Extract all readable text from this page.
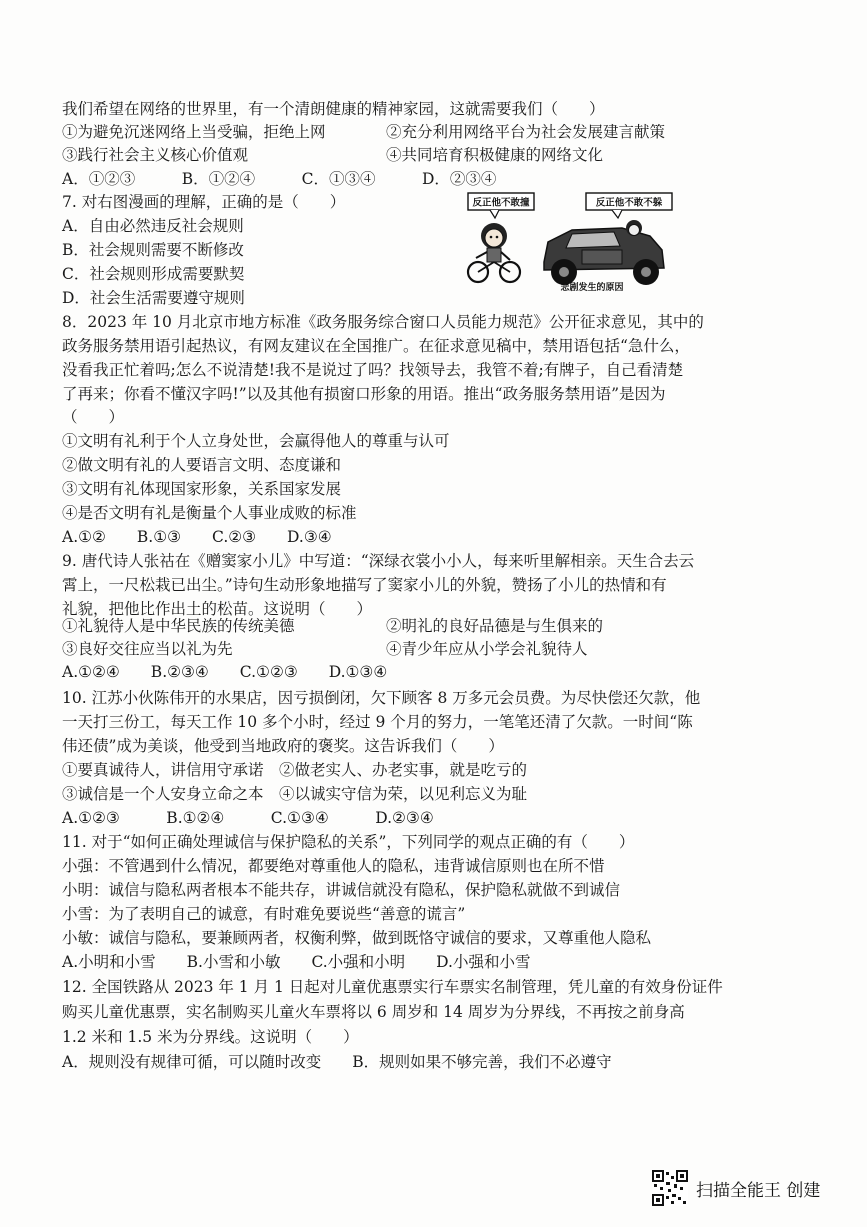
我们希望在网络的世界里，有一个清朗健康的精神家园，这就需要我们（　　）
①为避免沉迷网络上当受骗，拒绝上网	②充分利用网络平台为社会发展建言献策
③践行社会主义核心价值观	④共同培育积极健康的网络文化
A．①②③　　　B．①②④　　　C．①③④　　　D．②③④
7. 对右图漫画的理解，正确的是（　　）
A．自由必然违反社会规则
B．社会规则需要不断修改
C．社会规则形成需要默契
D．社会生活需要遵守规则
反正他不敢撞	反正他不敢不躲
悲剧发生的原因
8．2023 年 10 月北京市地方标准《政务服务综合窗口人员能力规范》公开征求意见，其中的
政务服务禁用语引起热议，有网友建议在全国推广。在征求意见稿中，禁用语包括“急什么，
没看我正忙着吗;怎么不说清楚!我不是说过了吗？找领导去，我管不着;有牌子，自己看清楚
了再来；你看不懂汉字吗!”以及其他有损窗口形象的用语。推出“政务服务禁用语”是因为
（　　）
①文明有礼利于个人立身处世，会赢得他人的尊重与认可
②做文明有礼的人要语言文明、态度谦和
③文明有礼体现国家形象，关系国家发展
④是否文明有礼是衡量个人事业成败的标准
A.①②　　B.①③　　C.②③　　D.③④
9. 唐代诗人张祜在《赠窦家小儿》中写道：“深绿衣裳小小人，每来听里解相亲。天生合去云
霄上，一尺松栽已出尘。”诗句生动形象地描写了窦家小儿的外貌，赞扬了小儿的热情和有
礼貌，把他比作出土的松苗。这说明（　　）
①礼貌待人是中华民族的传统美德	②明礼的良好品德是与生俱来的
③良好交往应当以礼为先	④青少年应从小学会礼貌待人
A.①②④　　B.②③④　　C.①②③　　D.①③④
10. 江苏小伙陈伟开的水果店，因亏损倒闭，欠下顾客 8 万多元会员费。为尽快偿还欠款，他
一天打三份工，每天工作 10 多个小时，经过 9 个月的努力，一笔笔还清了欠款。一时间“陈
伟还债”成为美谈，他受到当地政府的褒奖。这告诉我们（　　）
①要真诚待人，讲信用守承诺　②做老实人、办老实事，就是吃亏的
③诚信是一个人安身立命之本　④以诚实守信为荣，以见利忘义为耻
A.①②③　　　B.①②④　　　C.①③④　　　D.②③④
11. 对于“如何正确处理诚信与保护隐私的关系”，下列同学的观点正确的有（　　）
小强：不管遇到什么情况，都要绝对尊重他人的隐私，违背诚信原则也在所不惜
小明：诚信与隐私两者根本不能共存，讲诚信就没有隐私，保护隐私就做不到诚信
小雪：为了表明自己的诚意，有时难免要说些“善意的谎言”
小敏：诚信与隐私，要兼顾两者，权衡利弊，做到既恪守诚信的要求，又尊重他人隐私
A.小明和小雪　　B.小雪和小敏　　C.小强和小明　　D.小强和小雪
12. 全国铁路从 2023 年 1 月 1 日起对儿童优惠票实行车票实名制管理，凭儿童的有效身份证件
购买儿童优惠票，实名制购买儿童火车票将以 6 周岁和 14 周岁为分界线，不再按之前身高
1.2 米和 1.5 米为分界线。这说明（　　）
A．规则没有规律可循，可以随时改变　　B．规则如果不够完善，我们不必遵守
扫描全能王 创建
